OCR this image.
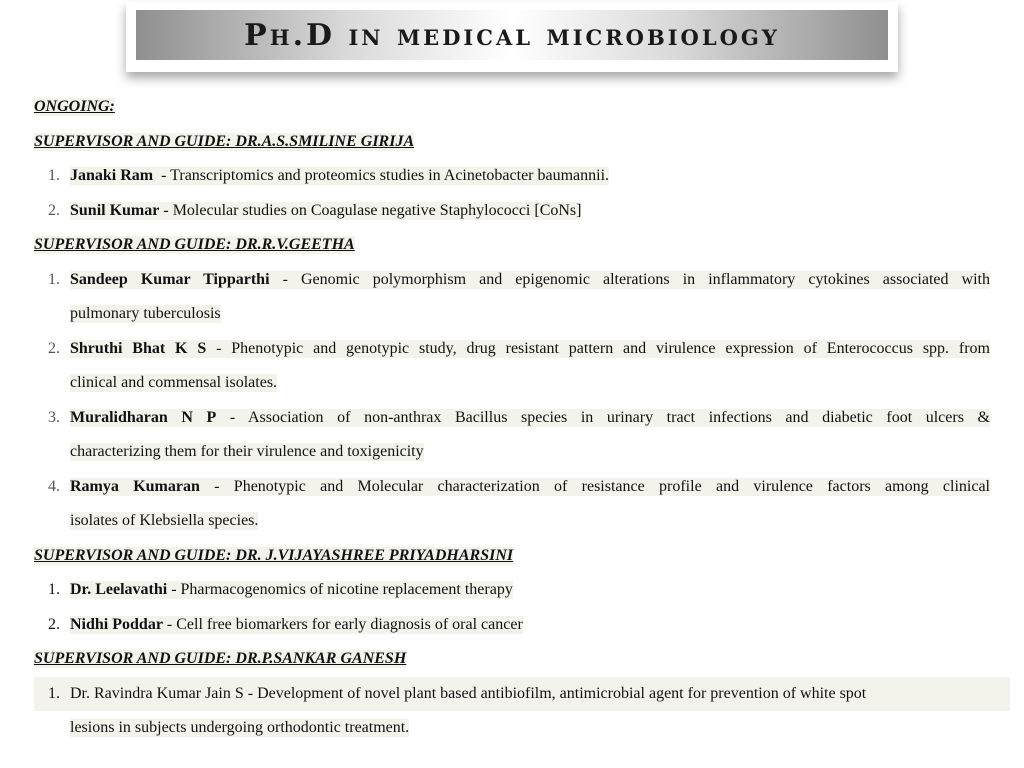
Ph.D in medical microbiology
ONGOING:
SUPERVISOR AND GUIDE: DR.A.S.SMILINE GIRIJA
1. Janaki Ram  - Transcriptomics and proteomics studies in Acinetobacter baumannii.
2. Sunil Kumar - Molecular studies on Coagulase negative Staphylococci [CoNs]
SUPERVISOR AND GUIDE: DR.R.V.GEETHA
1. Sandeep Kumar Tipparthi - Genomic polymorphism and epigenomic alterations in inflammatory cytokines associated with
pulmonary tuberculosis
2. Shruthi Bhat K S - Phenotypic and genotypic study, drug resistant pattern and virulence expression of Enterococcus spp. from
clinical and commensal isolates.
3. Muralidharan N P - Association of non-anthrax Bacillus species in urinary tract infections and diabetic foot ulcers &
characterizing them for their virulence and toxigenicity
4. Ramya Kumaran - Phenotypic and Molecular characterization of resistance profile and virulence factors among clinical
isolates of Klebsiella species.
SUPERVISOR AND GUIDE: DR. J.VIJAYASHREE PRIYADHARSINI
1. Dr. Leelavathi - Pharmacogenomics of nicotine replacement therapy
2. Nidhi Poddar - Cell free biomarkers for early diagnosis of oral cancer
SUPERVISOR AND GUIDE: DR.P.SANKAR GANESH
1. Dr. Ravindra Kumar Jain S - Development of novel plant based antibiofilm, antimicrobial agent for prevention of white spot
lesions in subjects undergoing orthodontic treatment.
